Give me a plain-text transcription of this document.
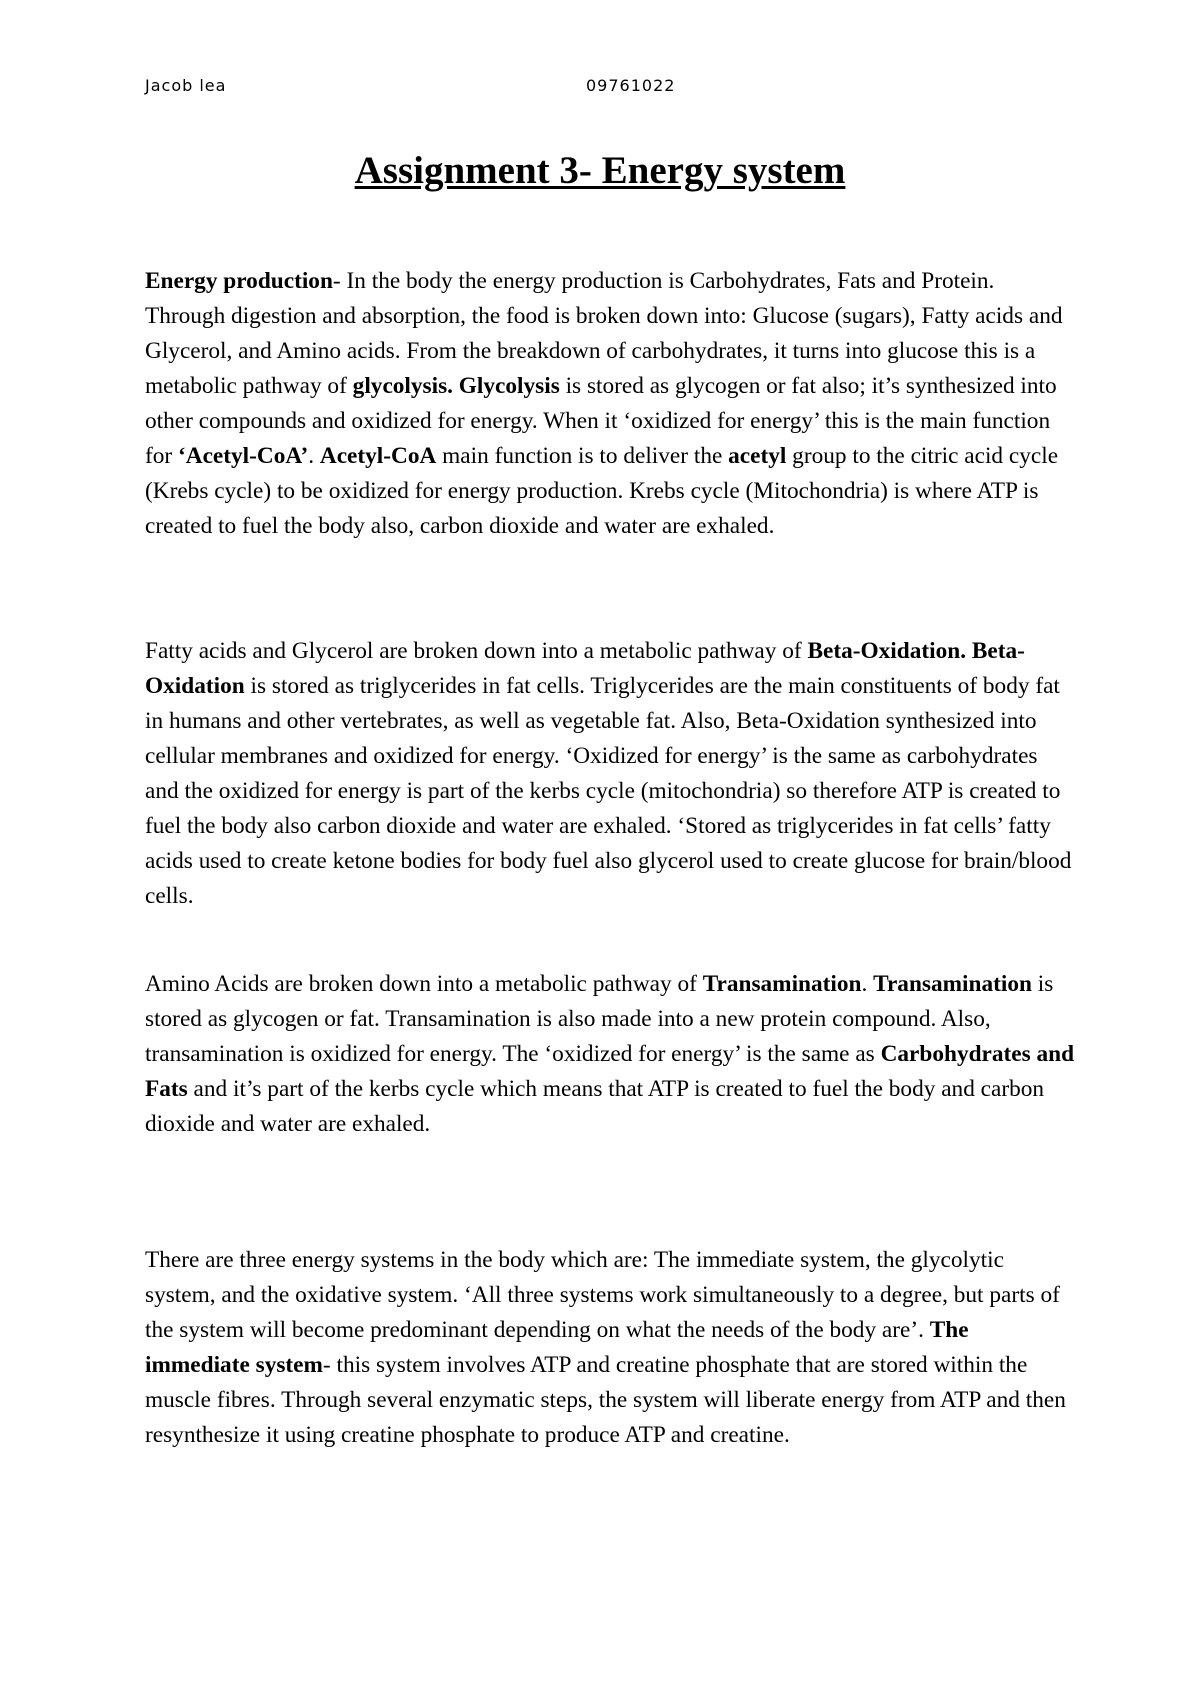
Jacob lea	09761022
Assignment 3- Energy system

Energy production- In the body the energy production is Carbohydrates, Fats and Protein. Through digestion and absorption, the food is broken down into: Glucose (sugars), Fatty acids and Glycerol, and Amino acids. From the breakdown of carbohydrates, it turns into glucose this is a metabolic pathway of glycolysis. Glycolysis is stored as glycogen or fat also; it’s synthesized into other compounds and oxidized for energy. When it ‘oxidized for energy’ this is the main function for ‘Acetyl-CoA’. Acetyl-CoA main function is to deliver the acetyl group to the citric acid cycle (Krebs cycle) to be oxidized for energy production. Krebs cycle (Mitochondria) is where ATP is created to fuel the body also, carbon dioxide and water are exhaled.

Fatty acids and Glycerol are broken down into a metabolic pathway of Beta-Oxidation. Beta-Oxidation is stored as triglycerides in fat cells. Triglycerides are the main constituents of body fat in humans and other vertebrates, as well as vegetable fat. Also, Beta-Oxidation synthesized into cellular membranes and oxidized for energy. ‘Oxidized for energy’ is the same as carbohydrates and the oxidized for energy is part of the kerbs cycle (mitochondria) so therefore ATP is created to fuel the body also carbon dioxide and water are exhaled. ‘Stored as triglycerides in fat cells’ fatty acids used to create ketone bodies for body fuel also glycerol used to create glucose for brain/blood cells.

Amino Acids are broken down into a metabolic pathway of Transamination. Transamination is stored as glycogen or fat. Transamination is also made into a new protein compound. Also, transamination is oxidized for energy. The ‘oxidized for energy’ is the same as Carbohydrates and Fats and it’s part of the kerbs cycle which means that ATP is created to fuel the body and carbon dioxide and water are exhaled.

There are three energy systems in the body which are: The immediate system, the glycolytic system, and the oxidative system. ‘All three systems work simultaneously to a degree, but parts of the system will become predominant depending on what the needs of the body are’. The immediate system- this system involves ATP and creatine phosphate that are stored within the muscle fibres. Through several enzymatic steps, the system will liberate energy from ATP and then resynthesize it using creatine phosphate to produce ATP and creatine.
